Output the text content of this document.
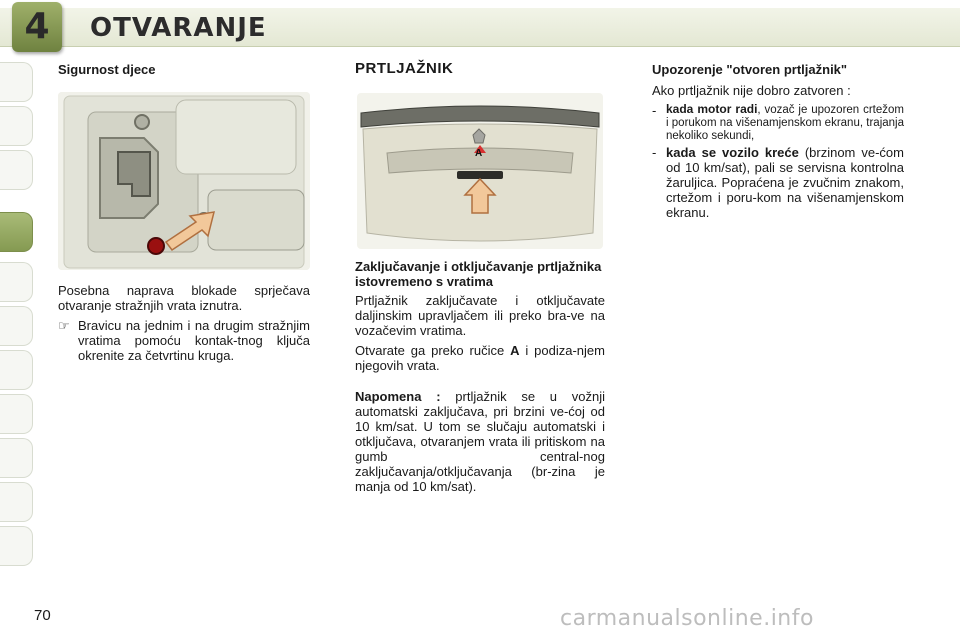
4	OTVARANJE
Sigurnost djece

Posebna naprava blokade sprječava otvaranje stražnjih vrata iznutra.

☞ Bravicu na jednim i na drugim stražnjim vratima pomoću kontak-tnog ključa okrenite za četvrtinu kruga.

PRTLJAŽNIK
A
Zaključavanje i otključavanje prtljažnika istovremeno s vratima

Prtljažnik zaključavate i otključavate daljinskim upravljačem ili preko bra-ve na vozačevim vratima.

Otvarate ga preko ručice A i podiza-njem njegovih vrata.

Napomena : prtljažnik se u vožnji automatski zaključava, pri brzini ve-ćoj od 10 km/sat. U tom se slučaju automatski i otključava, otvaranjem vrata ili pritiskom na gumb central-nog zaključavanja/otključavanja (br-zina je manja od 10 km/sat).

Upozorenje "otvoren prtljažnik"

Ako prtljažnik nije dobro zatvoren :

- kada motor radi, vozač je upozoren crtežom i porukom na višenamjenskom ekranu, trajanja nekoliko sekundi,

- kada se vozilo kreće (brzinom ve-ćom od 10 km/sat), pali se servisna kontrolna žaruljica. Popraćena je zvučnim znakom, crtežom i poru-kom na višenamjenskom ekranu.

70	carmanualsonline.info
